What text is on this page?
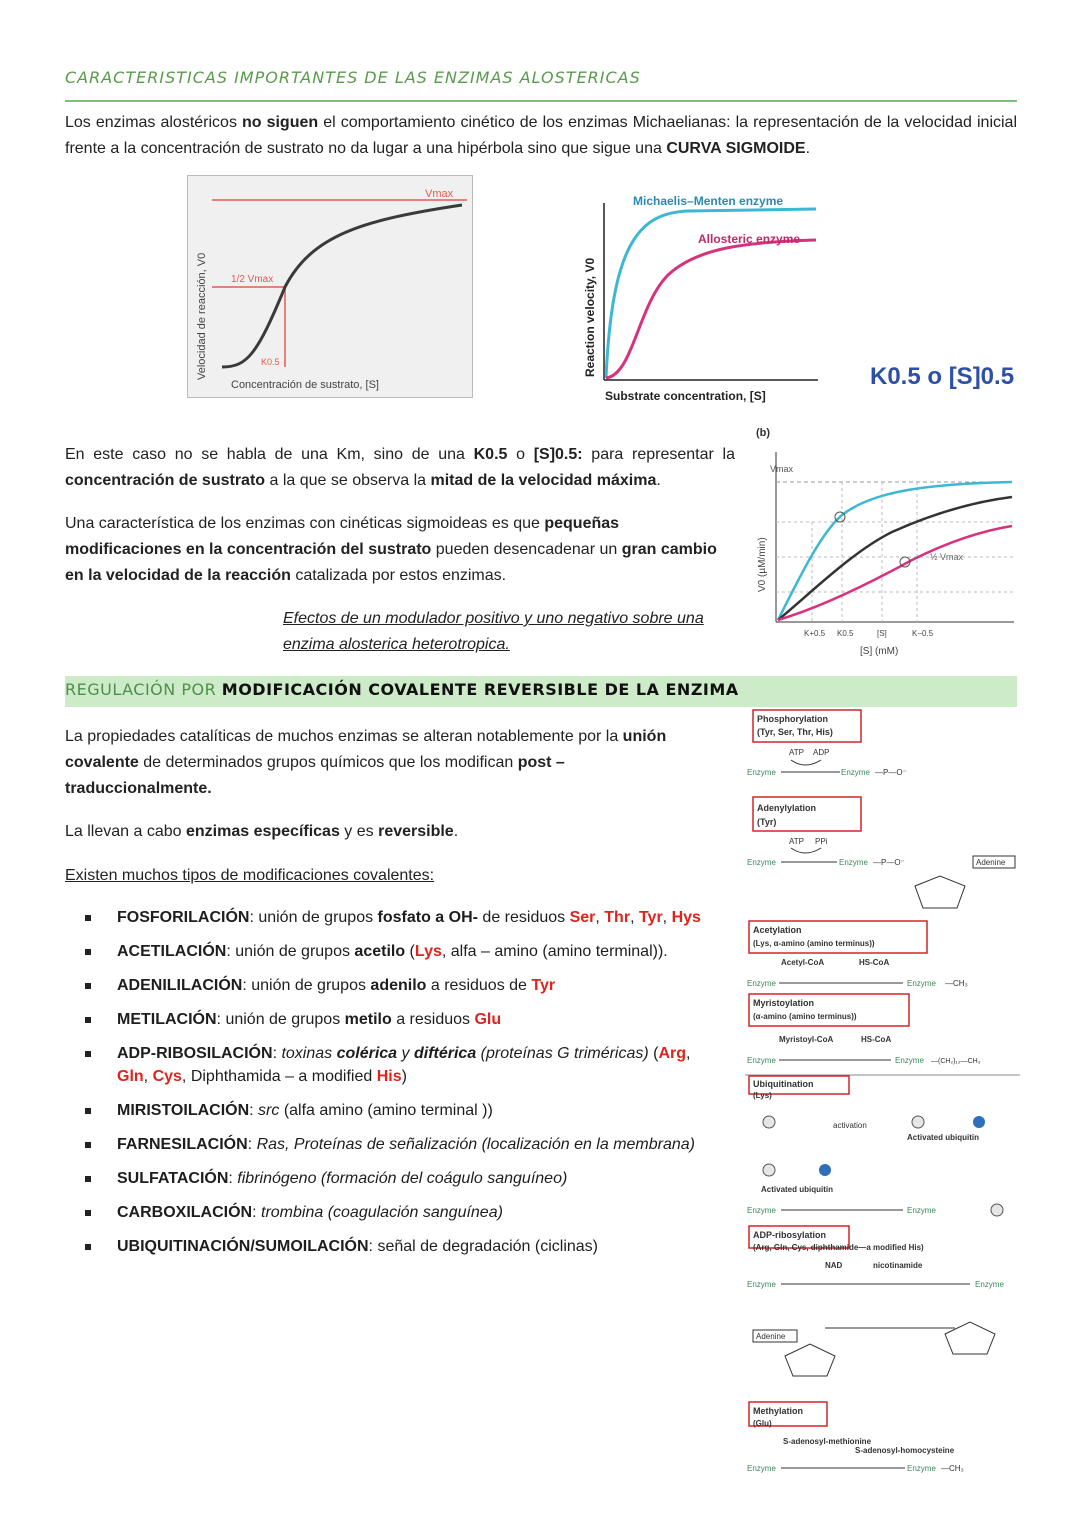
CARACTERISTICAS IMPORTANTES DE LAS ENZIMAS ALOSTERICAS
Los enzimas alostéricos no siguen el comportamiento cinético de los enzimas Michaelianas: la representación de la velocidad inicial frente a la concentración de sustrato no da lugar a una hipérbola sino que sigue una CURVA SIGMOIDE.
Vmax
1/2 Vmax
K0.5
Concentración de sustrato, [S]
Velocidad de reacción, V0
Michaelis–Menten enzyme
Allosteric enzyme
Substrate concentration, [S]
Reaction velocity, V0	K0.5 o [S]0.5
En este caso no se habla de una Km, sino de una K0.5 o [S]0.5: para representar la concentración de sustrato a la que se observa la mitad de la velocidad máxima.
Una característica de los enzimas con cinéticas sigmoideas es que pequeñas modificaciones en la concentración del sustrato pueden desencadenar un gran cambio en la velocidad de la reacción catalizada por estos enzimas.
(b)
Vmax
V0 (µM/min)	½ Vmax
K+0.5 K0.5	[S]	K−0.5
[S] (mM)
Efectos de un modulador positivo y uno negativo sobre una enzima alosterica heterotropica.
REGULACIÓN POR MODIFICACIÓN COVALENTE REVERSIBLE DE LA ENZIMA
La propiedades catalíticas de muchos enzimas se alteran notablemente por la unión covalente de determinados grupos químicos que los modifican post – traduccionalmente.
La llevan a cabo enzimas específicas y es reversible.
Existen muchos tipos de modificaciones covalentes:
FOSFORILACIÓN: unión de grupos fosfato a OH- de residuos Ser, Thr, Tyr, Hys
ACETILACIÓN: unión de grupos acetilo (Lys, alfa – amino (amino terminal)).
ADENILILACIÓN: unión de grupos adenilo a residuos de Tyr
METILACIÓN: unión de grupos metilo a residuos Glu
ADP-RIBOSILACIÓN: toxinas colérica y diftérica (proteínas G triméricas) (Arg, Gln, Cys, Diphthamida – a modified His)
MIRISTOILACIÓN: src (alfa amino (amino terminal ))
FARNESILACIÓN: Ras, Proteínas de señalización (localización en la membrana)
SULFATACIÓN: fibrinógeno (formación del coágulo sanguíneo)
CARBOXILACIÓN: trombina (coagulación sanguínea)
UBIQUITINACIÓN/SUMOILACIÓN: señal de degradación (ciclinas)
Phosphorylation
(Tyr, Ser, Thr, His)
ATP ADP
Enzyme	Enzyme —P—O⁻
Adenylylation
(Tyr)
ATP PPi
Enzyme	Enzyme —P—O⁻	Adenine
Acetylation
(Lys, α-amino (amino terminus))
Acetyl-CoA	HS-CoA
Enzyme	Enzyme —CH₃
Myristoylation
(α-amino (amino terminus))
Myristoyl-CoA	HS-CoA
Enzyme	Enzyme —(CH₂)₁₂—CH₃
Ubiquitination
(Lys)
activation
Activated ubiquitin
Activated ubiquitin
Enzyme	Enzyme
ADP-ribosylation
(Arg, Gln, Cys, diphthamide—a modified His)
NAD	nicotinamide
Enzyme	Enzyme
Adenine
Methylation
(Glu)
S-adenosyl-methionine
S-adenosyl-homocysteine
Enzyme	Enzyme —CH₃
